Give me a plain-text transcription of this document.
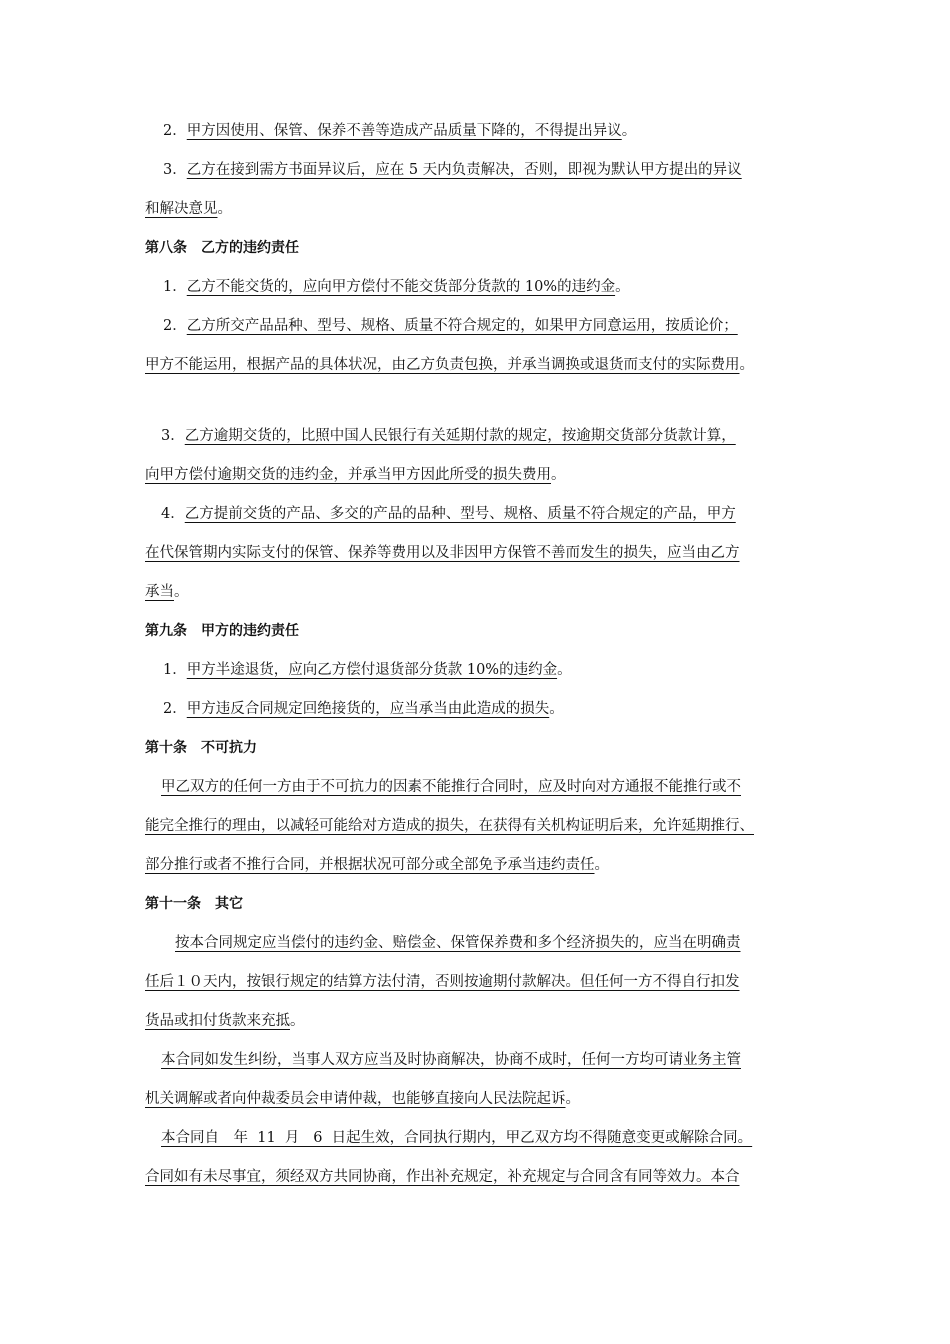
2．甲方因使用、保管、保养不善等造成产品质量下降的，不得提出异议。
3．乙方在接到需方书面异议后，应在 5 天内负责解决，否则，即视为默认甲方提出的异议
和解决意见。
第八条　乙方的违约责任
1．乙方不能交货的，应向甲方偿付不能交货部分货款的 10%的违约金。
2．乙方所交产品品种、型号、规格、质量不符合规定的，如果甲方同意运用，按质论价；
甲方不能运用，根据产品的具体状况，由乙方负责包换，并承当调换或退货而支付的实际费用。
3．乙方逾期交货的，比照中国人民银行有关延期付款的规定，按逾期交货部分货款计算，
向甲方偿付逾期交货的违约金，并承当甲方因此所受的损失费用。
4．乙方提前交货的产品、多交的产品的品种、型号、规格、质量不符合规定的产品，甲方
在代保管期内实际支付的保管、保养等费用以及非因甲方保管不善而发生的损失，应当由乙方
承当。
第九条　甲方的违约责任
1．甲方半途退货，应向乙方偿付退货部分货款 10%的违约金。
2．甲方违反合同规定回绝接货的，应当承当由此造成的损失。
第十条　不可抗力
甲乙双方的任何一方由于不可抗力的因素不能推行合同时，应及时向对方通报不能推行或不
能完全推行的理由，以减轻可能给对方造成的损失，在获得有关机构证明后来，允许延期推行、
部分推行或者不推行合同，并根据状况可部分或全部免予承当违约责任。
第十一条　其它
按本合同规定应当偿付的违约金、赔偿金、保管保养费和多个经济损失的，应当在明确责
任后１０天内，按银行规定的结算方法付清，否则按逾期付款解决。但任何一方不得自行扣发
货品或扣付货款来充抵。
本合同如发生纠纷，当事人双方应当及时协商解决，协商不成时，任何一方均可请业务主管
机关调解或者向仲裁委员会申请仲裁，也能够直接向人民法院起诉。
本合同自　年  11  月   6  日起生效，合同执行期内，甲乙双方均不得随意变更或解除合同。
合同如有未尽事宜，须经双方共同协商，作出补充规定，补充规定与合同含有同等效力。本合
